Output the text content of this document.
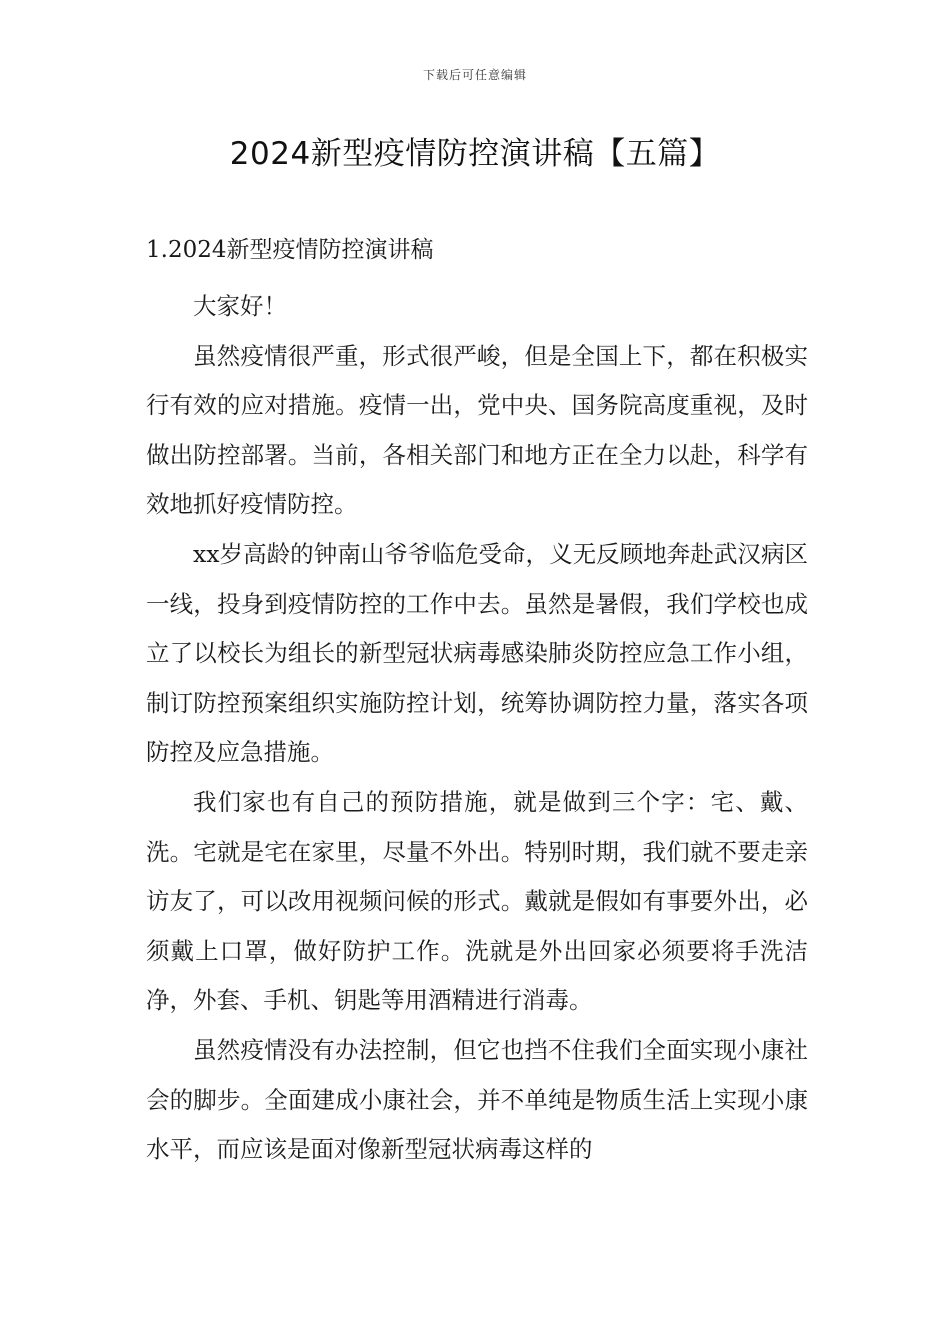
下载后可任意编辑
2024新型疫情防控演讲稿【五篇】
1.2024新型疫情防控演讲稿

大家好！

虽然疫情很严重，形式很严峻，但是全国上下，都在积极实行有效的应对措施。疫情一出，党中央、国务院高度重视，及时做出防控部署。当前，各相关部门和地方正在全力以赴，科学有效地抓好疫情防控。

xx岁高龄的钟南山爷爷临危受命，义无反顾地奔赴武汉病区一线，投身到疫情防控的工作中去。虽然是暑假，我们学校也成立了以校长为组长的新型冠状病毒感染肺炎防控应急工作小组，制订防控预案组织实施防控计划，统筹协调防控力量，落实各项防控及应急措施。

我们家也有自己的预防措施，就是做到三个字：宅、戴、洗。宅就是宅在家里，尽量不外出。特别时期，我们就不要走亲访友了，可以改用视频问候的形式。戴就是假如有事要外出，必须戴上口罩，做好防护工作。洗就是外出回家必须要将手洗洁净，外套、手机、钥匙等用酒精进行消毒。

虽然疫情没有办法控制，但它也挡不住我们全面实现小康社会的脚步。全面建成小康社会，并不单纯是物质生活上实现小康水平，而应该是面对像新型冠状病毒这样的
